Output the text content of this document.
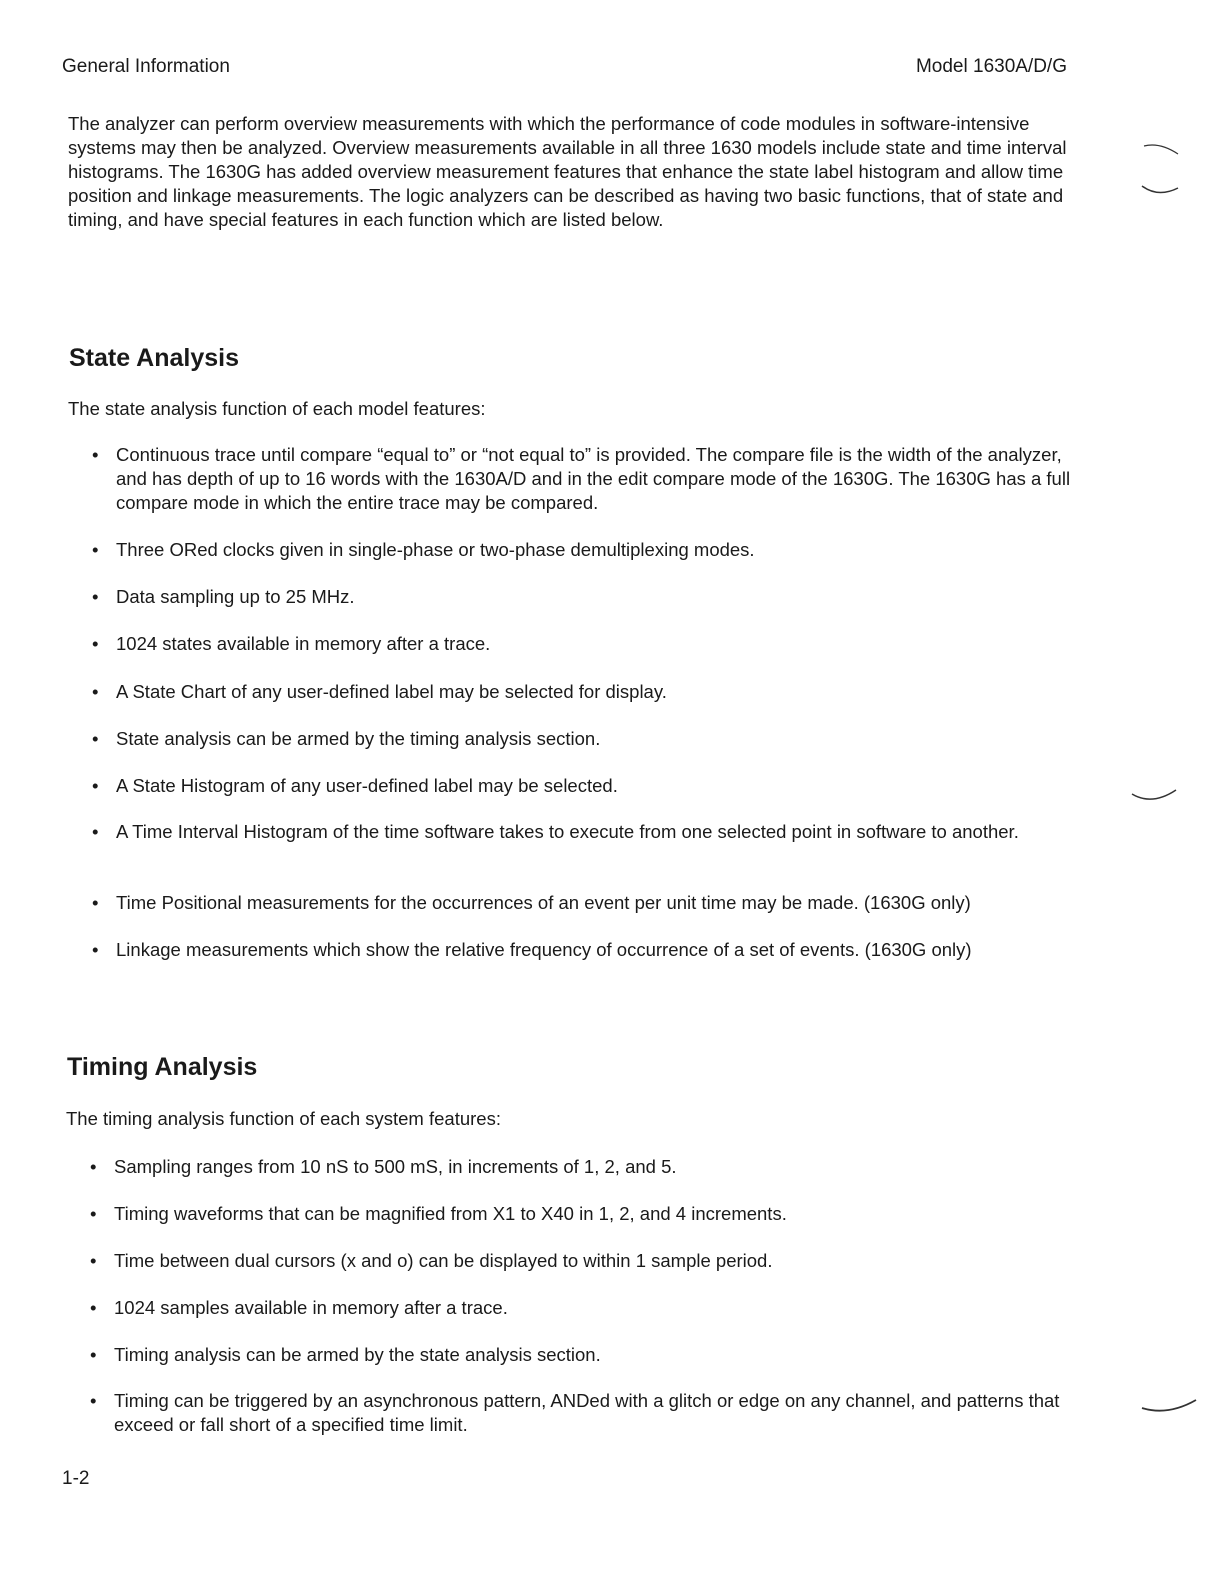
General Information	Model 1630A/D/G

The analyzer can perform overview measurements with which the performance of code modules in software-intensive systems may then be analyzed. Overview measurements available in all three 1630 models include state and time interval histograms. The 1630G has added overview measurement features that enhance the state label histogram and allow time position and linkage measurements. The logic analyzers can be described as having two basic functions, that of state and timing, and have special features in each function which are listed below.

State Analysis

The state analysis function of each model features:

• Continuous trace until compare “equal to” or “not equal to” is provided. The compare file is the width of the analyzer, and has depth of up to 16 words with the 1630A/D and in the edit compare mode of the 1630G. The 1630G has a full compare mode in which the entire trace may be compared.
• Three ORed clocks given in single-phase or two-phase demultiplexing modes.
• Data sampling up to 25 MHz.
• 1024 states available in memory after a trace.
• A State Chart of any user-defined label may be selected for display.
• State analysis can be armed by the timing analysis section.
• A State Histogram of any user-defined label may be selected.
• A Time Interval Histogram of the time software takes to execute from one selected point in software to another.
• Time Positional measurements for the occurrences of an event per unit time may be made. (1630G only)
• Linkage measurements which show the relative frequency of occurrence of a set of events. (1630G only)
Timing Analysis

The timing analysis function of each system features:

• Sampling ranges from 10 nS to 500 mS, in increments of 1, 2, and 5.
• Timing waveforms that can be magnified from X1 to X40 in 1, 2, and 4 increments.
• Time between dual cursors (x and o) can be displayed to within 1 sample period.
• 1024 samples available in memory after a trace.
• Timing analysis can be armed by the state analysis section.
• Timing can be triggered by an asynchronous pattern, ANDed with a glitch or edge on any channel, and patterns that exceed or fall short of a specified time limit.
1-2
